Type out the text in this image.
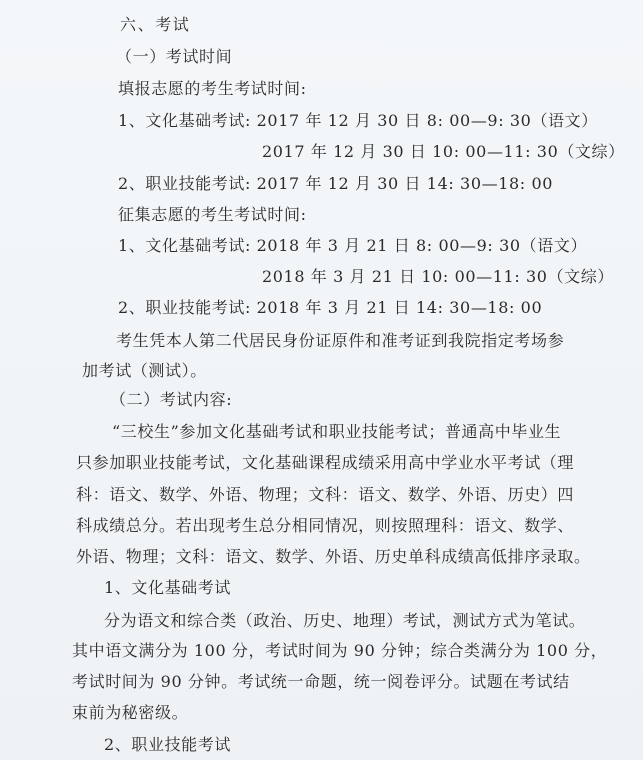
六、考试
（一）考试时间
填报志愿的考生考试时间:
1、文化基础考试: 2017 年 12 月 30 日 8: 00—9: 30（语文）
2017 年 12 月 30 日 10: 00—11: 30（文综）
2、职业技能考试: 2017 年 12 月 30 日 14: 30—18: 00
征集志愿的考生考试时间:
1、文化基础考试: 2018 年 3 月 21 日 8: 00—9: 30（语文）
2018 年 3 月 21 日 10: 00—11: 30（文综）
2、职业技能考试: 2018 年 3 月 21 日 14: 30—18: 00
考生凭本人第二代居民身份证原件和准考证到我院指定考场参
加考试（测试）。
（二）考试内容:
“三校生”参加文化基础考试和职业技能考试；普通高中毕业生
只参加职业技能考试，文化基础课程成绩采用高中学业水平考试（理
科：语文、数学、外语、物理；文科：语文、数学、外语、历史）四
科成绩总分。若出现考生总分相同情况，则按照理科：语文、数学、
外语、物理；文科：语文、数学、外语、历史单科成绩高低排序录取。
1、文化基础考试
分为语文和综合类（政治、历史、地理）考试，测试方式为笔试。
其中语文满分为 100 分，考试时间为 90 分钟；综合类满分为 100 分，
考试时间为 90 分钟。考试统一命题，统一阅卷评分。试题在考试结
束前为秘密级。
2、职业技能考试
